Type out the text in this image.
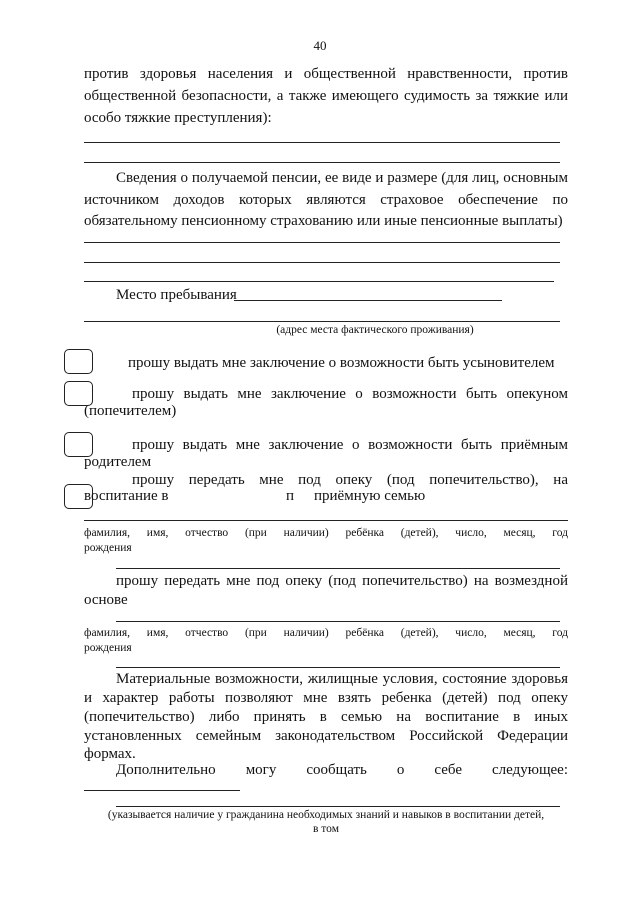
40
против здоровья населения и общественной нравственности, против
общественной безопасности, а также имеющего судимость за тяжкие или
особо тяжкие преступления):
Сведения о получаемой пенсии, ее виде и размере (для лиц, основным
источником доходов которых являются страховое обеспечение по
обязательному пенсионному страхованию или иные пенсионные выплаты)
Место пребывания
(адрес места фактического проживания)
прошу выдать мне заключение о возможности быть усыновителем
прошу выдать мне заключение о возможности быть опекуном
(попечителем)
прошу выдать мне заключение о возможности быть приёмным
родителем
прошу передать мне под опеку (под попечительство), на
воспитание в	п приёмную семью
фамилия, имя, отчество (при наличии) ребёнка (детей), число, месяц, год
рождения
прошу передать мне под опеку (под попечительство) на возмездной
основе
фамилия, имя, отчество (при наличии) ребёнка (детей), число, месяц, год
рождения
Материальные возможности, жилищные условия, состояние здоровья
и характер работы позволяют мне взять ребенка (детей) под опеку
(попечительство) либо принять в семью на воспитание в иных
установленных семейным законодательством Российской Федерации
формах.
Дополнительно могу сообщать о себе следующее:
(указывается наличие у гражданина необходимых знаний и навыков в воспитании детей,
в том
